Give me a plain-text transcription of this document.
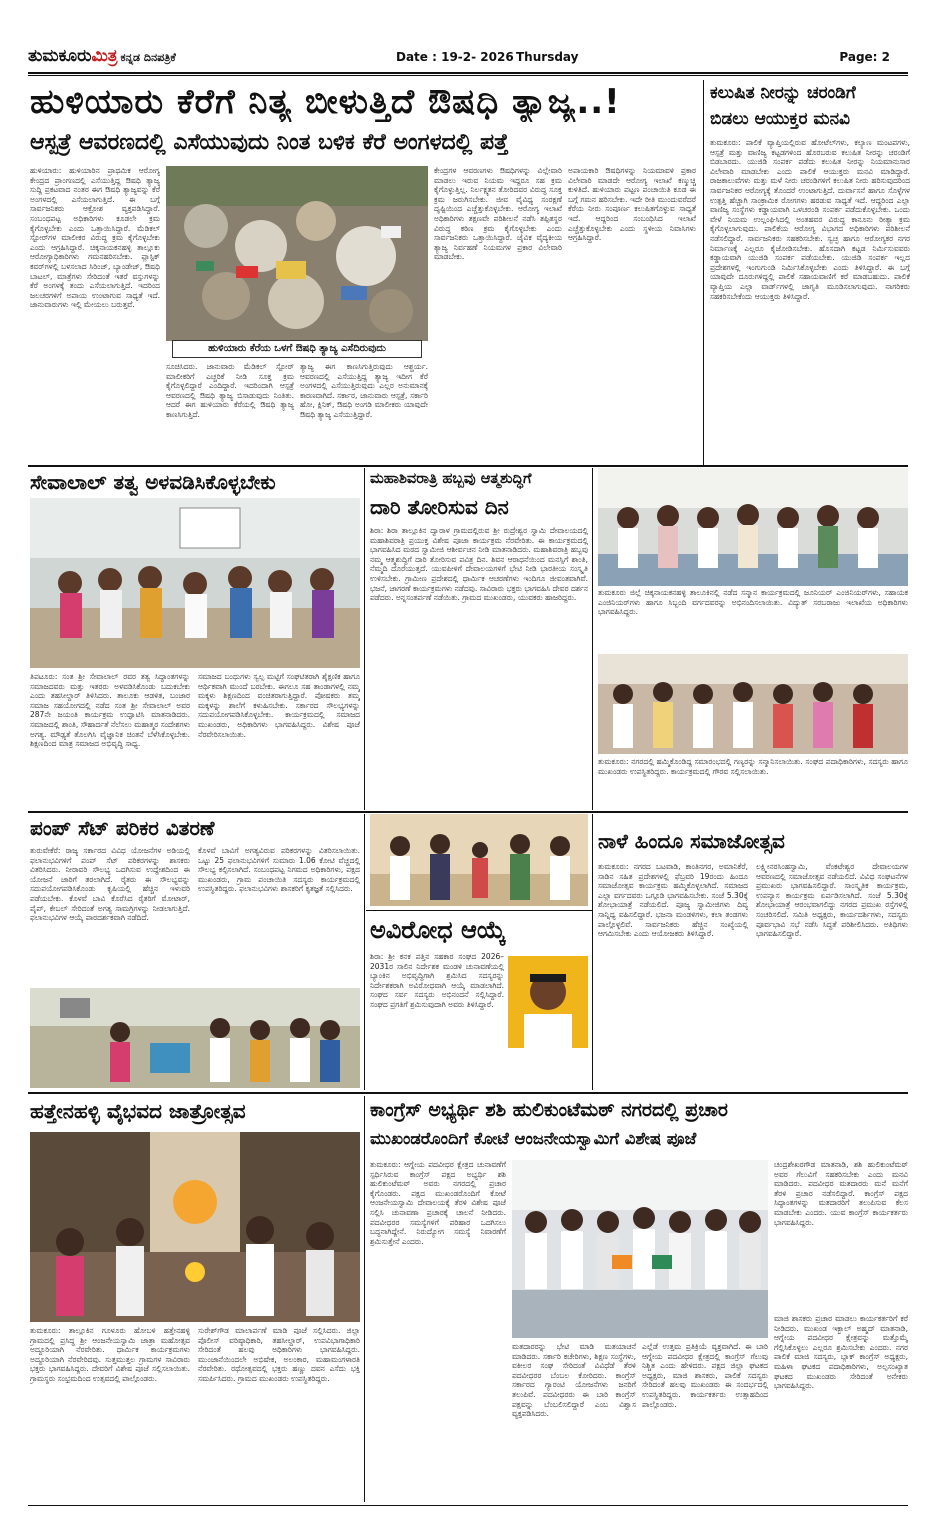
ತುಮಕೂರುಮಿತ್ರ ಕನ್ನಡ ದಿನಪತ್ರಿಕೆ	Date : 19-2- 2026 Thursday	Page: 2
ಹುಳಿಯಾರು ಕೆರೆಗೆ ನಿತ್ಯ ಬೀಳುತ್ತಿದೆ ಔಷಧಿ ತ್ಯಾಜ್ಯ..!
ಆಸ್ಪತ್ರೆ ಆವರಣದಲ್ಲಿ ಎಸೆಯುವುದು ನಿಂತ ಬಳಿಕ ಕೆರೆ ಅಂಗಳದಲ್ಲಿ ಪತ್ತೆ
ಹುಳಿಯಾರು: ಹುಳಿಯಾರಿನ ಪ್ರಾಥಮಿಕ ಆರೋಗ್ಯ ಕೇಂದ್ರದ ಪ್ರಾಂಗಣದಲ್ಲಿ ಎಸೆಯುತ್ತಿದ್ದ ಔಷಧಿ ತ್ಯಾಜ್ಯ ಸುದ್ದಿ ಪ್ರಕಟವಾದ ನಂತರ ಈಗ ಔಷಧಿ ತ್ಯಾಜ್ಯವನ್ನು ಕೆರೆ ಅಂಗಳದಲ್ಲಿ ಎಸೆಯಲಾಗುತ್ತಿದೆ. ಈ ಬಗ್ಗೆ ಸಾರ್ವಜನಿಕರು ಆಕ್ರೋಶ ವ್ಯಕ್ತಪಡಿಸಿದ್ದಾರೆ. ಸಂಬಂಧಪಟ್ಟ ಅಧಿಕಾರಿಗಳು ಕೂಡಲೇ ಕ್ರಮ ಕೈಗೊಳ್ಳಬೇಕು ಎಂದು ಒತ್ತಾಯಿಸಿದ್ದಾರೆ. ಮೆಡಿಕಲ್ ಸ್ಟೋರ್‌ಗಳ ಮಾಲೀಕರ ವಿರುದ್ಧ ಕ್ರಮ ಕೈಗೊಳ್ಳಬೇಕು ಎಂದು ಆಗ್ರಹಿಸಿದ್ದಾರೆ. ಚಿಕ್ಕನಾಯಕನಹಳ್ಳಿ ತಾಲ್ಲೂಕು ಆರೋಗ್ಯಾಧಿಕಾರಿಗಳು ಗಮನಹರಿಸಬೇಕು. ಪ್ಲಾಸ್ಟಿಕ್ ಕವರ್‌ಗಳಲ್ಲಿ ಬಳಸಲಾದ ಸಿರಿಂಜ್, ಬ್ಯಾಂಡೇಜ್, ಔಷಧಿ ಬಾಟಲ್, ಮಾತ್ರೆಗಳು ಸೇರಿದಂತೆ ಇತರೆ ವಸ್ತುಗಳನ್ನು ಕೆರೆ ಅಂಗಳಕ್ಕೆ ತಂದು ಎಸೆಯಲಾಗುತ್ತಿದೆ. ಇದರಿಂದ ಜಲಚರಗಳಿಗೆ ಅಪಾಯ ಉಂಟಾಗುವ ಸಾಧ್ಯತೆ ಇದೆ. ಜಾನುವಾರುಗಳು ಇಲ್ಲಿ ಮೇಯಲು ಬರುತ್ತವೆ.
ಹುಳಿಯಾರು ಕೆರೆಯ ಒಳಗೆ ಔಷಧಿ ತ್ಯಾಜ್ಯ ಎಸೆದಿರುವುದು
ಸೂಚಿಸಿದರು. ಜಾನುವಾರು ಮೆಡಿಕಲ್ ಸ್ಟೋರ್ ಮಾಲೀಕರಿಗೆ ಎಚ್ಚರಿಕೆ ನೀಡಿ ಸೂಕ್ತ ಕ್ರಮ ಕೈಗೊಳ್ಳಲಿದ್ದಾರೆ ಎಂದಿದ್ದಾರೆ. ಇದರಿಂದಾಗಿ ಆಸ್ಪತ್ರೆ ಆವರಣದಲ್ಲಿ ಔಷಧಿ ತ್ಯಾಜ್ಯ ಬಿಸಾಡುವುದು ನಿಂತಿತು. ಆದರೆ ಈಗ ಹುಳಿಯಾರು ಕೆರೆಯಲ್ಲಿ ಔಷಧಿ ತ್ಯಾಜ್ಯ ಕಾಣಸಿಗುತ್ತಿದೆ.
ತ್ಯಾಜ್ಯ ಈಗ ಕಾಣಸಿಗುತ್ತಿರುವುದು ಆಶ್ಚರ್ಯ. ಆವರಣದಲ್ಲಿ ಎಸೆಯುತ್ತಿದ್ದ ತ್ಯಾಜ್ಯ ಇದೀಗ ಕೆರೆ ಅಂಗಳದಲ್ಲಿ ಎಸೆಯುತ್ತಿರುವುದು ಎಲ್ಲರ ಅನುಮಾನಕ್ಕೆ ಕಾರಣವಾಗಿದೆ. ಸರ್ಕಾರ, ಜಾನುವಾರು ಆಸ್ಪತ್ರೆ, ಸರ್ಕಾರಿ ಹೋ, ಕ್ಲಿನಿಕ್, ಔಷಧಿ ಅಂಗಡಿ ಮಾಲೀಕರು ಯಾವುದೇ ಔಷಧಿ ತ್ಯಾಜ್ಯ ಎಸೆಯುತ್ತಿದ್ದಾರೆ.
ಕೇಂದ್ರಗಳ ಆವರಣಗಳು ಔಷಧಿಗಳನ್ನು ವಿಲ್ಲೇವಾರಿ ಮಾಡಲು ಇರುವ ನಿಯಮ ಇದ್ದರೂ ಸಹ ಕ್ರಮ ಕೈಗೊಳ್ಳುತ್ತಿಲ್ಲ. ನಿರ್ಲಕ್ಷ್ಯತನ ತೋರಿದವರ ವಿರುದ್ಧ ಸೂಕ್ತ ಕ್ರಮ ಜರುಗಿಸಬೇಕು. ಜೀವ ವೈವಿಧ್ಯ ಸಂರಕ್ಷಣೆ ದೃಷ್ಟಿಯಿಂದ ಎಚ್ಚೆತ್ತುಕೊಳ್ಳಬೇಕು. ಆರೋಗ್ಯ ಇಲಾಖೆ ಅಧಿಕಾರಿಗಳು ತಕ್ಷಣವೇ ಪರಿಶೀಲನೆ ನಡೆಸಿ ತಪ್ಪಿತಸ್ಥರ ವಿರುದ್ಧ ಕಠಿಣ ಕ್ರಮ ಕೈಗೊಳ್ಳಬೇಕು ಎಂದು ಸಾರ್ವಜನಿಕರು ಒತ್ತಾಯಿಸಿದ್ದಾರೆ. ಜೈವಿಕ ವೈದ್ಯಕೀಯ ತ್ಯಾಜ್ಯ ನಿರ್ವಹಣೆ ನಿಯಮಗಳ ಪ್ರಕಾರ ವಿಲೇವಾರಿ ಮಾಡಬೇಕು.
ಅಪಾಯಕಾರಿ ಔಷಧಿಗಳನ್ನು ನಿಯಮಾವಳಿ ಪ್ರಕಾರ ವಿಲೇವಾರಿ ಮಾಡದೇ ಆರೋಗ್ಯ ಇಲಾಖೆ ಕಣ್ಮುಚ್ಚಿ ಕುಳಿತಿದೆ. ಹುಳಿಯಾರು ಪಟ್ಟಣ ಪಂಚಾಯಿತಿ ಕೂಡ ಈ ಬಗ್ಗೆ ಗಮನ ಹರಿಸಬೇಕು. ಇದೇ ರೀತಿ ಮುಂದುವರೆದರೆ ಕೆರೆಯ ನೀರು ಸಂಪೂರ್ಣ ಕಲುಷಿತಗೊಳ್ಳುವ ಸಾಧ್ಯತೆ ಇದೆ. ಆದ್ದರಿಂದ ಸಂಬಂಧಿಸಿದ ಇಲಾಖೆ ಎಚ್ಚೆತ್ತುಕೊಳ್ಳಬೇಕು ಎಂದು ಸ್ಥಳೀಯ ನಿವಾಸಿಗಳು ಆಗ್ರಹಿಸಿದ್ದಾರೆ.
ಕಲುಷಿತ ನೀರನ್ನು ಚರಂಡಿಗೆ
ಬಿಡಲು ಆಯುಕ್ತರ ಮನವಿ
ತುಮಕೂರು: ಪಾಲಿಕೆ ವ್ಯಾಪ್ತಿಯಲ್ಲಿರುವ ಹೋಟೆಲ್‌ಗಳು, ಕಲ್ಯಾಣ ಮಂಟಪಗಳು, ಆಸ್ಪತ್ರೆ ಮತ್ತು ವಾಣಿಜ್ಯ ಕಟ್ಟಡಗಳಿಂದ ಹೊರಬರುವ ಕಲುಷಿತ ನೀರನ್ನು ಚರಂಡಿಗೆ ಬಿಡಬಾರದು. ಯುಜಿಡಿ ಸಂಪರ್ಕ ಪಡೆದು ಕಲುಷಿತ ನೀರನ್ನು ನಿಯಮಾನುಸಾರ ವಿಲೇವಾರಿ ಮಾಡಬೇಕು ಎಂದು ಪಾಲಿಕೆ ಆಯುಕ್ತರು ಮನವಿ ಮಾಡಿದ್ದಾರೆ. ರಾಜಕಾಲುವೆಗಳು ಮತ್ತು ಮಳೆ ನೀರು ಚರಂಡಿಗಳಿಗೆ ಕಲುಷಿತ ನೀರು ಹರಿಸುವುದರಿಂದ ಸಾರ್ವಜನಿಕರ ಆರೋಗ್ಯಕ್ಕೆ ತೊಂದರೆ ಉಂಟಾಗುತ್ತಿದೆ. ದುರ್ವಾಸನೆ ಹಾಗೂ ಸೊಳ್ಳೆಗಳ ಉತ್ಪತ್ತಿ ಹೆಚ್ಚಾಗಿ ಸಾಂಕ್ರಾಮಿಕ ರೋಗಗಳು ಹರಡುವ ಸಾಧ್ಯತೆ ಇದೆ. ಆದ್ದರಿಂದ ಎಲ್ಲಾ ವಾಣಿಜ್ಯ ಸಂಸ್ಥೆಗಳು ಕಡ್ಡಾಯವಾಗಿ ಒಳಚರಂಡಿ ಸಂಪರ್ಕ ಪಡೆದುಕೊಳ್ಳಬೇಕು. ಒಂದು ವೇಳೆ ನಿಯಮ ಉಲ್ಲಂಘಿಸಿದಲ್ಲಿ ಅಂತಹವರ ವಿರುದ್ಧ ಕಾನೂನು ರೀತ್ಯಾ ಕ್ರಮ ಕೈಗೊಳ್ಳಲಾಗುವುದು. ಪಾಲಿಕೆಯ ಆರೋಗ್ಯ ವಿಭಾಗದ ಅಧಿಕಾರಿಗಳು ಪರಿಶೀಲನೆ ನಡೆಸಲಿದ್ದಾರೆ. ಸಾರ್ವಜನಿಕರು ಸಹಕರಿಸಬೇಕು. ಸ್ವಚ್ಛ ಹಾಗೂ ಆರೋಗ್ಯಕರ ನಗರ ನಿರ್ಮಾಣಕ್ಕೆ ಎಲ್ಲರೂ ಕೈಜೋಡಿಸಬೇಕು. ಹೊಸದಾಗಿ ಕಟ್ಟಡ ನಿರ್ಮಿಸುವವರು ಕಡ್ಡಾಯವಾಗಿ ಯುಜಿಡಿ ಸಂಪರ್ಕ ಪಡೆಯಬೇಕು. ಯುಜಿಡಿ ಸಂಪರ್ಕ ಇಲ್ಲದ ಪ್ರದೇಶಗಳಲ್ಲಿ ಇಂಗುಗುಂಡಿ ನಿರ್ಮಿಸಿಕೊಳ್ಳಬೇಕು ಎಂದು ತಿಳಿಸಿದ್ದಾರೆ. ಈ ಬಗ್ಗೆ ಯಾವುದೇ ದೂರುಗಳಿದ್ದಲ್ಲಿ ಪಾಲಿಕೆ ಸಹಾಯವಾಣಿಗೆ ಕರೆ ಮಾಡಬಹುದು. ಪಾಲಿಕೆ ವ್ಯಾಪ್ತಿಯ ಎಲ್ಲಾ ವಾರ್ಡ್‌ಗಳಲ್ಲಿ ಜಾಗೃತಿ ಮೂಡಿಸಲಾಗುವುದು. ನಾಗರಿಕರು ಸಹಕರಿಸಬೇಕೆಂದು ಆಯುಕ್ತರು ತಿಳಿಸಿದ್ದಾರೆ.
ಸೇವಾಲಾಲ್ ತತ್ವ ಅಳವಡಿಸಿಕೊಳ್ಳಬೇಕು
ತಿಪಟೂರು: ಸಂತ ಶ್ರೀ ಸೇವಾಲಾಲ್ ರವರ ತತ್ವ ಸಿದ್ಧಾಂತಗಳನ್ನು ಸಮಾಜದವರು ಮತ್ತು ಇತರರು ಅಳವಡಿಸಿಕೊಂಡು ಬದುಕಬೇಕು ಎಂದು ತಹಸೀಲ್ದಾರ್ ತಿಳಿಸಿದರು. ತಾಲೂಕು ಆಡಳಿತ, ಬಂಜಾರ ಸಮಾಜ ಸಹಯೋಗದಲ್ಲಿ ನಡೆದ ಸಂತ ಶ್ರೀ ಸೇವಾಲಾಲ್ ಅವರ 287ನೇ ಜಯಂತಿ ಕಾರ್ಯಕ್ರಮ ಉದ್ಘಾಟಿಸಿ ಮಾತನಾಡಿದರು. ಸಮಾಜದಲ್ಲಿ ಶಾಂತಿ, ಸೌಹಾರ್ದತೆ ನೆಲೆಸಲು ಮಹಾತ್ಮರ ಸಂದೇಶಗಳು ಅಗತ್ಯ. ಮೌಢ್ಯತೆ ತೊಲಗಿಸಿ ವೈಜ್ಞಾನಿಕ ಚಿಂತನೆ ಬೆಳೆಸಿಕೊಳ್ಳಬೇಕು. ಶಿಕ್ಷಣದಿಂದ ಮಾತ್ರ ಸಮಾಜದ ಅಭಿವೃದ್ಧಿ ಸಾಧ್ಯ.
ಸಮಾಜದ ಬಂಧುಗಳು ಸ್ವಲ್ಪ ಮಟ್ಟಿಗೆ ಸಂಘಟಿತರಾಗಿ ಶೈಕ್ಷಣಿಕ ಹಾಗೂ ಆರ್ಥಿಕವಾಗಿ ಮುಂದೆ ಬರಬೇಕು. ಈಗಲೂ ಸಹ ತಾಂಡಾಗಳಲ್ಲಿ ನಮ್ಮ ಮಕ್ಕಳು ಶಿಕ್ಷಣದಿಂದ ವಂಚಿತರಾಗುತ್ತಿದ್ದಾರೆ. ಪೋಷಕರು ತಮ್ಮ ಮಕ್ಕಳನ್ನು ಶಾಲೆಗೆ ಕಳುಹಿಸಬೇಕು. ಸರ್ಕಾರದ ಸೌಲಭ್ಯಗಳನ್ನು ಸದುಪಯೋಗಪಡಿಸಿಕೊಳ್ಳಬೇಕು. ಕಾರ್ಯಕ್ರಮದಲ್ಲಿ ಸಮಾಜದ ಮುಖಂಡರು, ಅಧಿಕಾರಿಗಳು ಭಾಗವಹಿಸಿದ್ದರು. ವಿಶೇಷ ಪೂಜೆ ನೆರವೇರಿಸಲಾಯಿತು.
ಮಹಾಶಿವರಾತ್ರಿ ಹಬ್ಬವು ಆತ್ಮಶುದ್ಧಿಗೆ
ದಾರಿ ತೋರಿಸುವ ದಿನ
ಶಿರಾ: ಶಿರಾ ತಾಲ್ಲೂಕಿನ ದ್ವಾರಾಳ ಗ್ರಾಮದಲ್ಲಿರುವ ಶ್ರೀ ರುದ್ರೇಶ್ವರ ಸ್ವಾಮಿ ದೇವಾಲಯದಲ್ಲಿ ಮಹಾಶಿವರಾತ್ರಿ ಪ್ರಯುಕ್ತ ವಿಶೇಷ ಪೂಜಾ ಕಾರ್ಯಕ್ರಮ ನೆರವೇರಿತು. ಈ ಕಾರ್ಯಕ್ರಮದಲ್ಲಿ ಭಾಗವಹಿಸಿದ ಮಠದ ಸ್ವಾಮೀಜಿ ಆಶೀರ್ವಚನ ನೀಡಿ ಮಾತನಾಡಿದರು. ಮಹಾಶಿವರಾತ್ರಿ ಹಬ್ಬವು ನಮ್ಮ ಆತ್ಮಶುದ್ಧಿಗೆ ದಾರಿ ತೋರಿಸುವ ಪವಿತ್ರ ದಿನ. ಶಿವನ ಆರಾಧನೆಯಿಂದ ಮನಸ್ಸಿಗೆ ಶಾಂತಿ, ನೆಮ್ಮದಿ ದೊರೆಯುತ್ತದೆ. ಯುವಪೀಳಿಗೆ ದೇವಾಲಯಗಳಿಗೆ ಭೇಟಿ ನೀಡಿ ಭಾರತೀಯ ಸಂಸ್ಕೃತಿ ಉಳಿಸಬೇಕು. ಗ್ರಾಮೀಣ ಪ್ರದೇಶದಲ್ಲಿ ಧಾರ್ಮಿಕ ಆಚರಣೆಗಳು ಇಂದಿಗೂ ಜೀವಂತವಾಗಿವೆ. ಭಜನೆ, ಜಾಗರಣೆ ಕಾರ್ಯಕ್ರಮಗಳು ನಡೆದವು. ಸಾವಿರಾರು ಭಕ್ತರು ಭಾಗವಹಿಸಿ ದೇವರ ದರ್ಶನ ಪಡೆದರು. ಅನ್ನಸಂತರ್ಪಣೆ ನಡೆಯಿತು. ಗ್ರಾಮದ ಮುಖಂಡರು, ಯುವಕರು ಹಾಜರಿದ್ದರು.
ತುಮಕೂರು ಜಿಲ್ಲೆ ಚಿಕ್ಕನಾಯಕನಹಳ್ಳಿ ತಾಲೂಕಿನಲ್ಲಿ ನಡೆದ ಸನ್ಮಾನ ಕಾರ್ಯಕ್ರಮದಲ್ಲಿ ಜೂನಿಯರ್ ಎಂಜಿನಿಯರ್‌ಗಳು, ಸಹಾಯಕ ಎಂಜಿನಿಯರ್‌ಗಳು ಹಾಗೂ ಸಿಬ್ಬಂದಿ ವರ್ಗದವರನ್ನು ಅಭಿನಂದಿಸಲಾಯಿತು. ವಿದ್ಯುತ್ ಸರಬರಾಜು ಇಲಾಖೆಯ ಅಧಿಕಾರಿಗಳು ಭಾಗವಹಿಸಿದ್ದರು.
ತುಮಕೂರು: ನಗರದಲ್ಲಿ ಹಮ್ಮಿಕೊಂಡಿದ್ದ ಸಮಾರಂಭದಲ್ಲಿ ಗಣ್ಯರನ್ನು ಸನ್ಮಾನಿಸಲಾಯಿತು. ಸಂಘದ ಪದಾಧಿಕಾರಿಗಳು, ಸದಸ್ಯರು ಹಾಗೂ ಮುಖಂಡರು ಉಪಸ್ಥಿತರಿದ್ದರು. ಕಾರ್ಯಕ್ರಮದಲ್ಲಿ ಗೌರವ ಸಲ್ಲಿಸಲಾಯಿತು.
ಪಂಪ್ ಸೆಟ್ ಪರಿಕರ ವಿತರಣೆ
ತುರುವೇಕೆರೆ: ರಾಜ್ಯ ಸರ್ಕಾರದ ವಿವಿಧ ಯೋಜನೆಗಳ ಅಡಿಯಲ್ಲಿ ಫಲಾನುಭವಿಗಳಿಗೆ ಪಂಪ್ ಸೆಟ್ ಪರಿಕರಗಳನ್ನು ಶಾಸಕರು ವಿತರಿಸಿದರು. ನೀರಾವರಿ ಸೌಲಭ್ಯ ಒದಗಿಸುವ ಉದ್ದೇಶದಿಂದ ಈ ಯೋಜನೆ ಜಾರಿಗೆ ತರಲಾಗಿದೆ. ರೈತರು ಈ ಸೌಲಭ್ಯವನ್ನು ಸದುಪಯೋಗಪಡಿಸಿಕೊಂಡು ಕೃಷಿಯಲ್ಲಿ ಹೆಚ್ಚಿನ ಇಳುವರಿ ಪಡೆಯಬೇಕು. ಕೊಳವೆ ಬಾವಿ ಕೊರೆಸಿದ ರೈತರಿಗೆ ಮೋಟಾರ್, ಪೈಪ್, ಕೇಬಲ್ ಸೇರಿದಂತೆ ಅಗತ್ಯ ಸಾಮಗ್ರಿಗಳನ್ನು ನೀಡಲಾಗುತ್ತಿದೆ. ಫಲಾನುಭವಿಗಳ ಆಯ್ಕೆ ಪಾರದರ್ಶಕವಾಗಿ ನಡೆದಿದೆ.
ಕೊಳವೆ ಬಾವಿಗೆ ಅಗತ್ಯವಿರುವ ಪರಿಕರಗಳನ್ನು ವಿತರಿಸಲಾಯಿತು. ಒಟ್ಟು 25 ಫಲಾನುಭವಿಗಳಿಗೆ ಸುಮಾರು 1.06 ಕೋಟಿ ವೆಚ್ಚದಲ್ಲಿ ಸೌಲಭ್ಯ ಕಲ್ಪಿಸಲಾಗಿದೆ. ಸಂಬಂಧಪಟ್ಟ ನಿಗಮದ ಅಧಿಕಾರಿಗಳು, ಪಕ್ಷದ ಮುಖಂಡರು, ಗ್ರಾಮ ಪಂಚಾಯಿತಿ ಸದಸ್ಯರು ಕಾರ್ಯಕ್ರಮದಲ್ಲಿ ಉಪಸ್ಥಿತರಿದ್ದರು. ಫಲಾನುಭವಿಗಳು ಶಾಸಕರಿಗೆ ಕೃತಜ್ಞತೆ ಸಲ್ಲಿಸಿದರು.
ಅವಿರೋಧ ಆಯ್ಕೆ
ಶಿರಾ: ಶ್ರೀ ಕನಕ ಪತ್ತಿನ ಸಹಕಾರ ಸಂಘದ 2026–2031ರ ಸಾಲಿನ ನಿರ್ದೇಶಕ ಮಂಡಳಿ ಚುನಾವಣೆಯಲ್ಲಿ ಬ್ಯಾಂಕಿನ ಅಭಿವೃದ್ಧಿಗಾಗಿ ಶ್ರಮಿಸಿದ ಸದಸ್ಯರನ್ನು ನಿರ್ದೇಶಕರಾಗಿ ಅವಿರೋಧವಾಗಿ ಆಯ್ಕೆ ಮಾಡಲಾಗಿದೆ. ಸಂಘದ ಸರ್ವ ಸದಸ್ಯರು ಅಭಿನಂದನೆ ಸಲ್ಲಿಸಿದ್ದಾರೆ. ಸಂಘದ ಪ್ರಗತಿಗೆ ಶ್ರಮಿಸುವುದಾಗಿ ಅವರು ತಿಳಿಸಿದ್ದಾರೆ.
ನಾಳೆ ಹಿಂದೂ ಸಮಾಜೋತ್ಸವ
ತುಮಕೂರು: ನಗರದ ಬಟವಾಡಿ, ಕಾಂತಿನಗರ, ಅಮಾನಿಕೆರೆ, ಸಾಡಿನ ಸಹಿತ ಪ್ರದೇಶಗಳಲ್ಲಿ ಫೆಬ್ರವರಿ 19ರಂದು ಹಿಂದೂ ಸಮಾಜೋತ್ಸವ ಕಾರ್ಯಕ್ರಮ ಹಮ್ಮಿಕೊಳ್ಳಲಾಗಿದೆ. ಸಮಾಜದ ಎಲ್ಲಾ ವರ್ಗದವರು ಒಗ್ಗೂಡಿ ಭಾಗವಹಿಸಬೇಕು. ಸಂಜೆ 5.30ಕ್ಕೆ ಶೋಭಾಯಾತ್ರೆ ನಡೆಯಲಿದೆ. ಪೂಜ್ಯ ಸ್ವಾಮೀಜಿಗಳು ದಿವ್ಯ ಸಾನ್ನಿಧ್ಯ ವಹಿಸಲಿದ್ದಾರೆ. ಭಜನಾ ಮಂಡಳಿಗಳು, ಕಲಾ ತಂಡಗಳು ಪಾಲ್ಗೊಳ್ಳಲಿವೆ. ಸಾರ್ವಜನಿಕರು ಹೆಚ್ಚಿನ ಸಂಖ್ಯೆಯಲ್ಲಿ ಆಗಮಿಸಬೇಕು ಎಂದು ಆಯೋಜಕರು ತಿಳಿಸಿದ್ದಾರೆ.
ಲಕ್ಷ್ಮೀನರಸಿಂಹಸ್ವಾಮಿ, ವೆಂಕಟೇಶ್ವರ ದೇವಾಲಯಗಳ ಆವರಣದಲ್ಲಿ ಸಮಾಜೋತ್ಸವ ನಡೆಯಲಿದೆ. ವಿವಿಧ ಸಂಘಟನೆಗಳ ಪ್ರಮುಖರು ಭಾಗವಹಿಸಲಿದ್ದಾರೆ. ಸಾಂಸ್ಕೃತಿಕ ಕಾರ್ಯಕ್ರಮ, ಉಪನ್ಯಾಸ ಕಾರ್ಯಕ್ರಮ ಏರ್ಪಡಿಸಲಾಗಿದೆ. ಸಂಜೆ 5.30ಕ್ಕೆ ಶೋಭಾಯಾತ್ರೆ ಆರಂಭವಾಗಲಿದ್ದು ನಗರದ ಪ್ರಮುಖ ರಸ್ತೆಗಳಲ್ಲಿ ಸಂಚರಿಸಲಿದೆ. ಸಮಿತಿ ಅಧ್ಯಕ್ಷರು, ಕಾರ್ಯದರ್ಶಿಗಳು, ಸದಸ್ಯರು ಪೂರ್ವಭಾವಿ ಸಭೆ ನಡೆಸಿ ಸಿದ್ಧತೆ ಪರಿಶೀಲಿಸಿದರು. ಅತಿಥಿಗಳು ಭಾಗವಹಿಸಲಿದ್ದಾರೆ.
ಹತ್ತೇನಹಳ್ಳಿ ವೈಭವದ ಜಾತ್ರೋತ್ಸವ
ತುಮಕೂರು: ತಾಲ್ಲೂಕಿನ ಗೂಳೂರು ಹೋಬಳಿ ಹತ್ತೇನಹಳ್ಳಿ ಗ್ರಾಮದಲ್ಲಿ ಪ್ರಸಿದ್ಧ ಶ್ರೀ ಆಂಜನೇಯಸ್ವಾಮಿ ಜಾತ್ರಾ ಮಹೋತ್ಸವ ಅದ್ದೂರಿಯಾಗಿ ನೆರವೇರಿತು. ಧಾರ್ಮಿಕ ಕಾರ್ಯಕ್ರಮಗಳು ಅದ್ಧೂರಿಯಾಗಿ ನೆರವೇರಿದವು. ಸುತ್ತಮುತ್ತಲ ಗ್ರಾಮಗಳ ಸಾವಿರಾರು ಭಕ್ತರು ಭಾಗವಹಿಸಿದ್ದರು. ದೇವರಿಗೆ ವಿಶೇಷ ಪೂಜೆ ಸಲ್ಲಿಸಲಾಯಿತು. ಗ್ರಾಮಸ್ಥರು ಸಂಭ್ರಮದಿಂದ ಉತ್ಸವದಲ್ಲಿ ಪಾಲ್ಗೊಂಡರು.
ಸುರೇಶ್‌ಗೌಡ ಮಾಲಾರ್ಪಣೆ ಮಾಡಿ ಪೂಜೆ ಸಲ್ಲಿಸಿದರು. ಜಿಲ್ಲಾ ಪೊಲೀಸ್ ವರಿಷ್ಠಾಧಿಕಾರಿ, ತಹಸೀಲ್ದಾರ್, ಉಪವಿಭಾಗಾಧಿಕಾರಿ ಸೇರಿದಂತೆ ಹಲವು ಅಧಿಕಾರಿಗಳು ಭಾಗವಹಿಸಿದ್ದರು. ಮುಂಜಾನೆಯಿಂದಲೇ ಅಭಿಷೇಕ, ಅಲಂಕಾರ, ಮಹಾಮಂಗಳಾರತಿ ನೆರವೇರಿತು. ರಥೋತ್ಸವದಲ್ಲಿ ಭಕ್ತರು ಹಣ್ಣು ದವನ ಎಸೆದು ಭಕ್ತಿ ಸಮರ್ಪಿಸಿದರು. ಗ್ರಾಮದ ಮುಖಂಡರು ಉಪಸ್ಥಿತರಿದ್ದರು.
ಕಾಂಗ್ರೆಸ್ ಅಭ್ಯರ್ಥಿ ಶಶಿ ಹುಲಿಕುಂಟೆಮಠ್ ನಗರದಲ್ಲಿ ಪ್ರಚಾರ
ಮುಖಂಡರೊಂದಿಗೆ ಕೋಟೆ ಆಂಜನೇಯಸ್ವಾಮಿಗೆ ವಿಶೇಷ ಪೂಜೆ
ತುಮಕೂರು: ಆಗ್ನೇಯ ಪದವೀಧರ ಕ್ಷೇತ್ರದ ಚುನಾವಣೆಗೆ ಸ್ಪರ್ಧಿಸಿರುವ ಕಾಂಗ್ರೆಸ್ ಪಕ್ಷದ ಅಭ್ಯರ್ಥಿ ಶಶಿ ಹುಲಿಕುಂಟೆಮಠ್ ಅವರು ನಗರದಲ್ಲಿ ಪ್ರಚಾರ ಕೈಗೊಂಡರು. ಪಕ್ಷದ ಮುಖಂಡರೊಂದಿಗೆ ಕೋಟೆ ಆಂಜನೇಯಸ್ವಾಮಿ ದೇವಾಲಯಕ್ಕೆ ತೆರಳಿ ವಿಶೇಷ ಪೂಜೆ ಸಲ್ಲಿಸಿ ಚುನಾವಣಾ ಪ್ರಚಾರಕ್ಕೆ ಚಾಲನೆ ನೀಡಿದರು. ಪದವೀಧರರ ಸಮಸ್ಯೆಗಳಿಗೆ ಪರಿಹಾರ ಒದಗಿಸಲು ಬದ್ಧನಾಗಿದ್ದೇನೆ. ನಿರುದ್ಯೋಗ ಸಮಸ್ಯೆ ನಿವಾರಣೆಗೆ ಶ್ರಮಿಸುತ್ತೇನೆ ಎಂದರು.
ಮತದಾರರನ್ನು ಭೇಟಿ ಮಾಡಿ ಮತಯಾಚನೆ ಮಾಡಿದರು. ಸರ್ಕಾರಿ ಕಚೇರಿಗಳು, ಶಿಕ್ಷಣ ಸಂಸ್ಥೆಗಳು, ವಕೀಲರ ಸಂಘ ಸೇರಿದಂತೆ ವಿವಿಧೆಡೆ ತೆರಳಿ ಪದವೀಧರರ ಬೆಂಬಲ ಕೋರಿದರು. ಕಾಂಗ್ರೆಸ್ ಸರ್ಕಾರದ ಗ್ಯಾರಂಟಿ ಯೋಜನೆಗಳು ಜನರಿಗೆ ತಲುಪಿವೆ. ಪದವೀಧರರು ಈ ಬಾರಿ ಕಾಂಗ್ರೆಸ್ ಪಕ್ಷವನ್ನು ಬೆಂಬಲಿಸಲಿದ್ದಾರೆ ಎಂಬ ವಿಶ್ವಾಸ ವ್ಯಕ್ತಪಡಿಸಿದರು.
ಎಲ್ಲೆಡೆ ಉತ್ತಮ ಪ್ರತಿಕ್ರಿಯೆ ವ್ಯಕ್ತವಾಗಿದೆ. ಈ ಬಾರಿ ಆಗ್ನೇಯ ಪದವೀಧರ ಕ್ಷೇತ್ರದಲ್ಲಿ ಕಾಂಗ್ರೆಸ್ ಗೆಲುವು ನಿಶ್ಚಿತ ಎಂದು ಹೇಳಿದರು. ಪಕ್ಷದ ಜಿಲ್ಲಾ ಘಟಕದ ಅಧ್ಯಕ್ಷರು, ಮಾಜಿ ಶಾಸಕರು, ಪಾಲಿಕೆ ಸದಸ್ಯರು ಸೇರಿದಂತೆ ಹಲವು ಮುಖಂಡರು ಈ ಸಂದರ್ಭದಲ್ಲಿ ಉಪಸ್ಥಿತರಿದ್ದರು. ಕಾರ್ಯಕರ್ತರು ಉತ್ಸಾಹದಿಂದ ಪಾಲ್ಗೊಂಡರು.
ಚಂದ್ರಶೇಖರಗೌಡ ಮಾತನಾಡಿ, ಶಶಿ ಹುಲಿಕುಂಟೆಮಠ್ ಅವರ ಗೆಲುವಿಗೆ ಸಹಕರಿಸಬೇಕು ಎಂದು ಮನವಿ ಮಾಡಿದರು. ಪದವೀಧರ ಮತದಾರರು ಮನೆ ಮನೆಗೆ ತೆರಳಿ ಪ್ರಚಾರ ನಡೆಸಲಿದ್ದಾರೆ. ಕಾಂಗ್ರೆಸ್ ಪಕ್ಷದ ಸಿದ್ಧಾಂತಗಳನ್ನು ಮತದಾರರಿಗೆ ತಲುಪಿಸುವ ಕೆಲಸ ಮಾಡಬೇಕು ಎಂದರು. ಯುವ ಕಾಂಗ್ರೆಸ್ ಕಾರ್ಯಕರ್ತರು ಭಾಗವಹಿಸಿದ್ದರು.
ಮಾಜಿ ಶಾಸಕರು ಪ್ರಚಾರ ಮಾಡಲು ಕಾರ್ಯಕರ್ತರಿಗೆ ಕರೆ ನೀಡಿದರು. ಮುಖಂಡ ಇಕ್ಬಾಲ್ ಅಹ್ಮದ್ ಮಾತನಾಡಿ, ಆಗ್ನೇಯ ಪದವೀಧರ ಕ್ಷೇತ್ರವನ್ನು ಮತ್ತೊಮ್ಮೆ ಗೆಲ್ಲಿಸಿಕೊಳ್ಳಲು ಎಲ್ಲರೂ ಶ್ರಮಿಸಬೇಕು ಎಂದರು. ನಗರ ಪಾಲಿಕೆ ಮಾಜಿ ಸದಸ್ಯರು, ಬ್ಲಾಕ್ ಕಾಂಗ್ರೆಸ್ ಅಧ್ಯಕ್ಷರು, ಮಹಿಳಾ ಘಟಕದ ಪದಾಧಿಕಾರಿಗಳು, ಅಲ್ಪಸಂಖ್ಯಾತ ಘಟಕದ ಮುಖಂಡರು ಸೇರಿದಂತೆ ಅನೇಕರು ಭಾಗವಹಿಸಿದ್ದರು.
